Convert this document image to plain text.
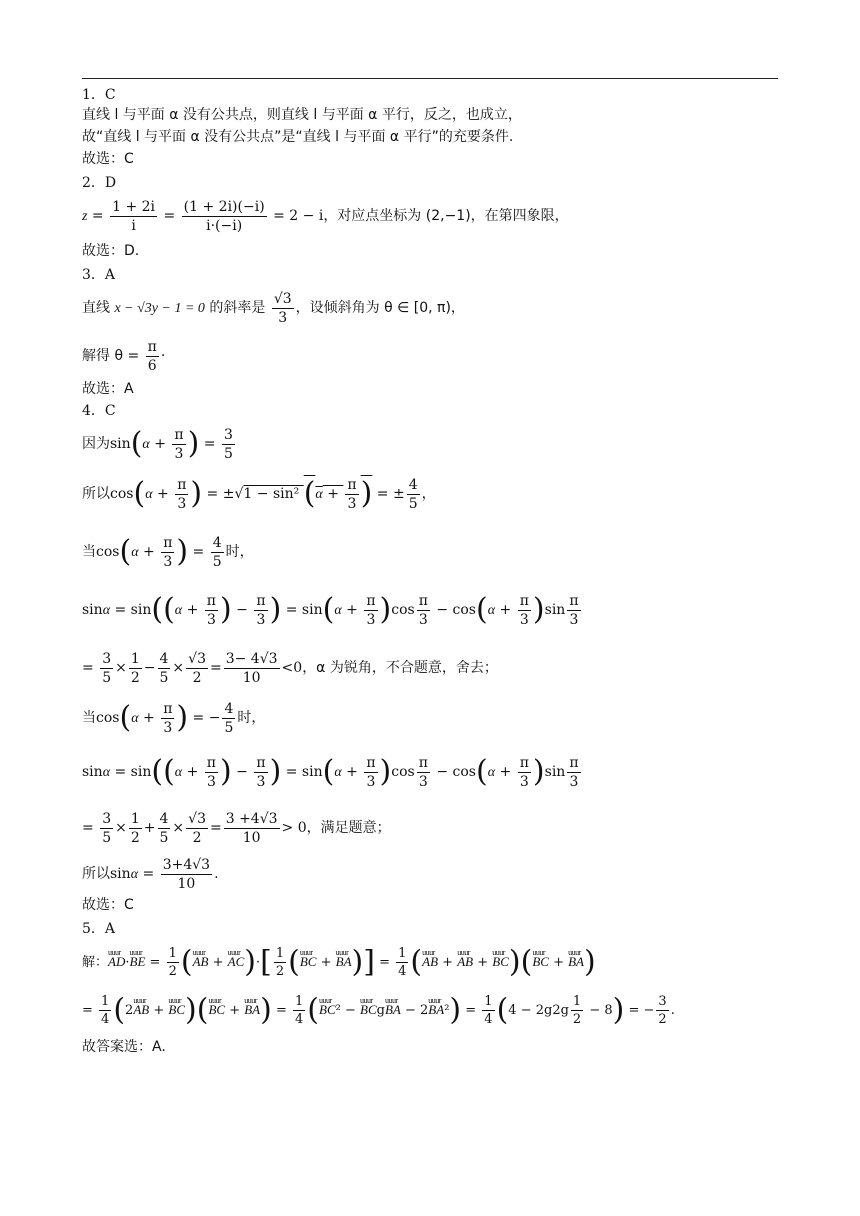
1．C
直线 l 与平面 α 没有公共点，则直线 l 与平面 α 平行，反之，也成立，
故“直线 l 与平面 α 没有公共点”是“直线 l 与平面 α 平行”的充要条件.
故选：C
2．D
$z = \frac{1 + 2i}{i} = \frac{(1 + 2i)(-i)}{i\cdot(-i)} = 2 - i$，对应点坐标为 (2,−1)，在第四象限，
故选：D.
3．A
直线 x − √3y − 1 = 0 的斜率是 $\frac{√3}{3}$ ，设倾斜角为 θ ∈ [0, π)，
解得 $\theta = \frac{\pi}{6}$ ·
故选：A
4．C
因为$\sin(\alpha + \frac{\pi}{3}$ ) = $\frac{3}{5}$
所以$\cos(\alpha + \frac{\pi}{3}$ ) = ±√1 − sin² ($\alpha + \frac{\pi}{3}$ ) = ± $\frac{4}{5}$ ，
当$\cos(\alpha + \frac{\pi}{3}$ ) = $\frac{4}{5}$ 时，
$\sin\alpha = \sin((\alpha + \frac{\pi}{3}$ ) − $\frac{\pi}{3}$ ) = $\sin(\alpha + \frac{\pi}{3} )\cos \frac{\pi}{3} - \cos(\alpha + \frac{\pi}{3} )\sin \frac{\pi}{3}$
= $\frac{3}{5} \times \frac{1}{2} - \frac{4}{5} \times \frac{√3}{2} = \frac{3- 4√3}{10} <0$，α 为锐角，不合题意，舍去；
当$\cos(\alpha + \frac{\pi}{3}$ ) = − $\frac{4}{5}$ 时，
$\sin\alpha = \sin((\alpha + \frac{\pi}{3}$ ) − $\frac{\pi}{3}$ ) = $\sin(\alpha + \frac{\pi}{3} )\cos \frac{\pi}{3} - \cos(\alpha + \frac{\pi}{3} )\sin \frac{\pi}{3}$
= $\frac{3}{5} \times \frac{1}{2} + \frac{4}{5} \times \frac{√3}{2} = \frac{3 +4√3}{10} > 0$，满足题意；
所以$\sin\alpha = \frac{3+4√3}{10}$ .
故选：C
5．A
解：uuur AD·uuur BE = $\frac{1}{2}$ (uuur AB + uuur $AC)\cdot[ \frac{1}{2}$ (uuur BC + uuur $BA)] = \frac{1}{4}$ (uuur AB + uuur AB + uuur BC)(uuur BC + uuur BA)
= $\frac{1}{4}$ (2uuur AB + uuur BC)(uuur BC + uuur $BA) = \frac{1}{4}$ (uuur BC² − uuur BCguuur BA − 2uuur $BA^2) = \frac{1}{4} (4 - 2g2g \frac{1}{2} - 8)$ = − $\frac{3}{2}$ .
故答案选：A.
